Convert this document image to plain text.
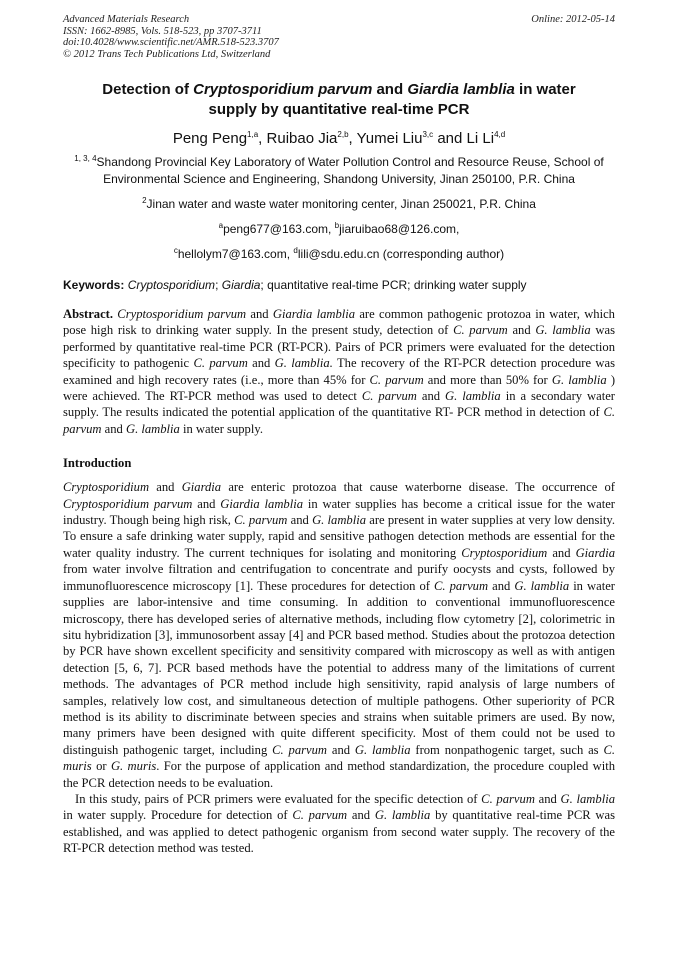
Advanced Materials Research
ISSN: 1662-8985, Vols. 518-523, pp 3707-3711
doi:10.4028/www.scientific.net/AMR.518-523.3707
© 2012 Trans Tech Publications Ltd, Switzerland
Online: 2012-05-14
Detection of Cryptosporidium parvum and Giardia lamblia in water supply by quantitative real-time PCR
Peng Peng$^{1,a}$, Ruibao Jia$^{2,b}$, Yumei Liu$^{3,c}$ and Li Li$^{4,d}$
$^{1, 3, 4}$Shandong Provincial Key Laboratory of Water Pollution Control and Resource Reuse, School of Environmental Science and Engineering, Shandong University, Jinan 250100, P.R. China
$^2$Jinan water and waste water monitoring center, Jinan 250021, P.R. China
$^a$peng677@163.com, $^b$jiaruibao68@126.com,
$^c$hellolym7@163.com, $^d$lili@sdu.edu.cn (corresponding author)
Keywords: Cryptosporidium; Giardia; quantitative real-time PCR; drinking water supply
Abstract. Cryptosporidium parvum and Giardia lamblia are common pathogenic protozoa in water, which pose high risk to drinking water supply. In the present study, detection of C. parvum and G. lamblia was performed by quantitative real-time PCR (RT-PCR). Pairs of PCR primers were evaluated for the detection specificity to pathogenic C. parvum and G. lamblia. The recovery of the RT-PCR detection procedure was examined and high recovery rates (i.e., more than 45% for C. parvum and more than 50% for G. lamblia ) were achieved. The RT-PCR method was used to detect C. parvum and G. lamblia in a secondary water supply. The results indicated the potential application of the quantitative RT- PCR method in detection of C. parvum and G. lamblia in water supply.
Introduction
Cryptosporidium and Giardia are enteric protozoa that cause waterborne disease. The occurrence of Cryptosporidium parvum and Giardia lamblia in water supplies has become a critical issue for the water industry. Though being high risk, C. parvum and G. lamblia are present in water supplies at very low density. To ensure a safe drinking water supply, rapid and sensitive pathogen detection methods are essential for the water quality industry. The current techniques for isolating and monitoring Cryptosporidium and Giardia from water involve filtration and centrifugation to concentrate and purify oocysts and cysts, followed by immunofluorescence microscopy [1]. These procedures for detection of C. parvum and G. lamblia in water supplies are labor-intensive and time consuming. In addition to conventional immunofluorescence microscopy, there has developed series of alternative methods, including flow cytometry [2], colorimetric in situ hybridization [3], immunosorbent assay [4] and PCR based method. Studies about the protozoa detection by PCR have shown excellent specificity and sensitivity compared with microscopy as well as with antigen detection [5, 6, 7]. PCR based methods have the potential to address many of the limitations of current methods. The advantages of PCR method include high sensitivity, rapid analysis of large numbers of samples, relatively low cost, and simultaneous detection of multiple pathogens. Other superiority of PCR method is its ability to discriminate between species and strains when suitable primers are used. By now, many primers have been designed with quite different specificity. Most of them could not be used to distinguish pathogenic target, including C. parvum and G. lamblia from nonpathogenic target, such as C. muris or G. muris. For the purpose of application and method standardization, the procedure coupled with the PCR detection needs to be evaluation.
In this study, pairs of PCR primers were evaluated for the specific detection of C. parvum and G. lamblia in water supply. Procedure for detection of C. parvum and G. lamblia by quantitative real-time PCR was established, and was applied to detect pathogenic organism from second water supply. The recovery of the RT-PCR detection method was tested.
